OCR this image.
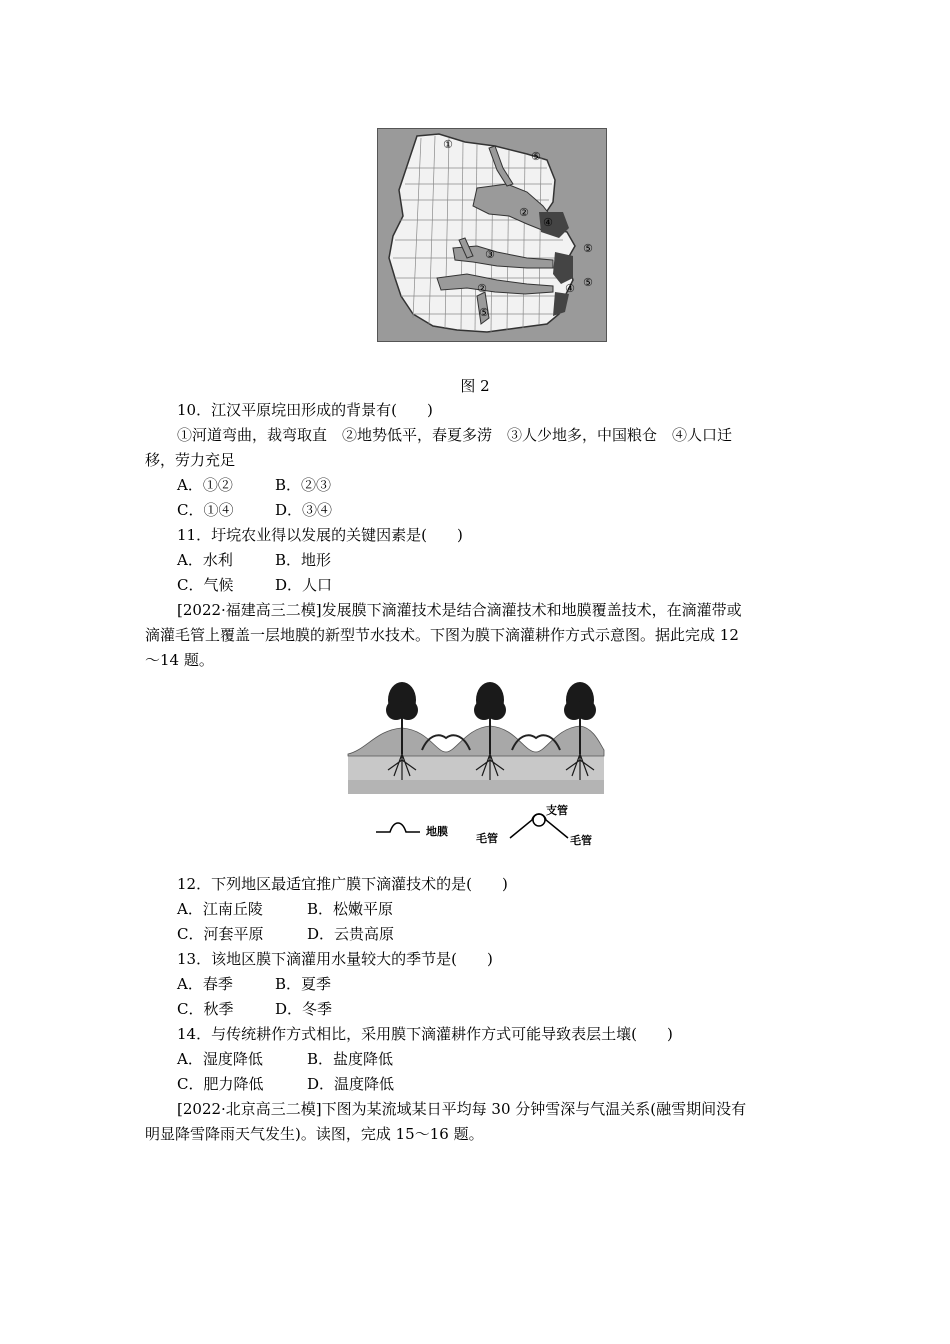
①
⑤
②
④
⑤
③
④ ⑤
②
⑤
图 2
10．江汉平原垸田形成的背景有(　　)
①河道弯曲，裁弯取直　②地势低平，春夏多涝　③人少地多，中国粮仓　④人口迁
移，劳力充足
A．①②	B．②③
C．①④	D．③④
11．圩垸农业得以发展的关键因素是(　　)
A．水利	B．地形
C．气候	D．人口
[2022·福建高三二模]发展膜下滴灌技术是结合滴灌技术和地膜覆盖技术，在滴灌带或
滴灌毛管上覆盖一层地膜的新型节水技术。下图为膜下滴灌耕作方式示意图。据此完成 12
～14 题。
地膜
毛管
支管
毛管
12．下列地区最适宜推广膜下滴灌技术的是(　　)
A．江南丘陵	B．松嫩平原
C．河套平原	D．云贵高原
13．该地区膜下滴灌用水量较大的季节是(　　)
A．春季	B．夏季
C．秋季	D．冬季
14．与传统耕作方式相比，采用膜下滴灌耕作方式可能导致表层土壤(　　)
A．湿度降低	B．盐度降低
C．肥力降低	D．温度降低
[2022·北京高三二模]下图为某流域某日平均每 30 分钟雪深与气温关系(融雪期间没有
明显降雪降雨天气发生)。读图，完成 15～16 题。
